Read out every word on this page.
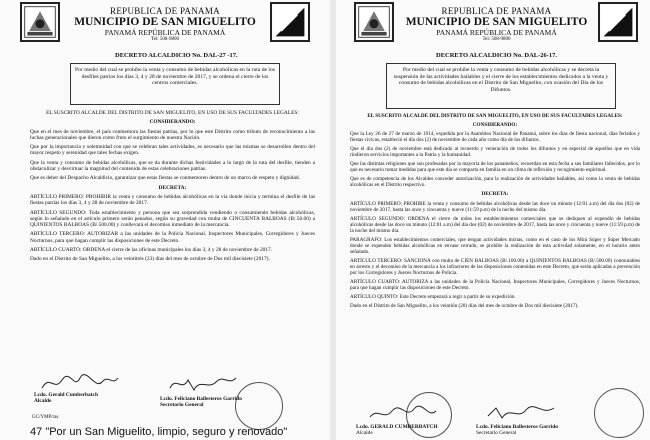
REPUBLICA DE PANAMA
MUNICIPIO DE SAN MIGUELITO
PANAMÁ REPÚBLICA DE PANAMÁ
Tel: 508-9800
DECRETO ALCALDICIO No. DAL-27 -17.
Por medio del cual se prohíbe la venta y consumo de bebidas alcohólicas en la ruta de los desfiles patrios los días 3, 4 y 28 de noviembre de 2017, y se ordena el cierre de los centros comerciales.

EL SUSCRITO ALCALDE DEL DISTRITO DE SAN MIGUELITO, EN USO DE SUS FACULTADES LEGALES:

CONSIDERANDO:

Que en el mes de noviembre, el país conmemora las fiestas patrias, por lo que este Distrito como tributo de reconocimiento a las luchas generacionales que dieron como fruto el surgimiento de nuestra Nación.

Que por la importancia y solemnidad con que se celebran tales actividades, es necesario que las mismas se desarrollen dentro del mayor respeto y serenidad que tales fechas exigen.

Que la venta y consumo de bebidas alcohólicas, que se da durante dichas festividades a lo largo de la ruta del desfile, tienden a obstaculizar y desvirtuar la magnitud del contenido de estas celebraciones patrias.

Que es deber del Despacho Alcaldicio, garantizar que estas fiestas se conmemoren dentro de un marco de respeto y dignidad.

DECRETA:

ARTÍCULO PRIMERO: PROHIBIR la venta y consumo de bebidas alcohólicas en la vía donde inicia y termina el desfile de las fiestas patrias los días 3, 4 y 28 de noviembre de 2017.

ARTÍCULO SEGUNDO: Toda establecimiento y persona que sea sorprendida vendiendo o consumiendo bebidas alcohólicas, según lo señalado en el artículo primero serán penados, según su gravedad con multa de CINCUENTA BALBOAS (B/.50.00) a QUINIENTOS BALBOAS (B/.500.00) y conllevará el decomiso inmediato de la mercancía.

ARTÍCULO TERCERO: AUTORIZAR a las unidades de la Policía Nacional, Inspectores Municipales, Corregidores y Jueces Nocturnos, para que hagan cumplir las disposiciones de este Decreto.

ARTÍCULO CUARTO: ORDENA el cierre de las oficinas municipales los días 3, 4 y 28 de noviembre de 2017.

Dado en el Distrito de San Miguelito, a los veintitrés (23) días del mes de octubre de Dos mil diecisiete (2017).

Lcdo. Gerald Cumberbatch
Alcalde	Lcdo. Feliciano Ballesteros Garrido
Secretario General
GC/YMP/ras
REPUBLICA DE PANAMA
MUNICIPIO DE SAN MIGUELITO
PANAMÁ REPÚBLICA DE PANAMÁ
Tel: 508-9800
DECRETO ALCALDICIO No. DAL-26-17.
Por medio del cual se prohíbe la venta y consumo de bebidas alcohólicas y se decreta la suspensión de las actividades bailables y el cierre de los establecimientos dedicados a la venta y consumo de bebidas alcohólicas en el Distrito de San Miguelito, con ocasión del Día de los Difuntos.

EL SUSCRITO ALCALDE DEL DISTRITO DE SAN MIGUELITO, EN USO DE SUS FACULTADES LEGALES:

CONSIDERANDO:

Que la Ley 26 de 27 de marzo de 1914, expedida por la Asamblea Nacional de Panamá, sobre los días de fiesta nacional, días feriados y fiestas cívicas, estableció el día dos (2) de noviembre de cada año como día de los difuntos.

Que el día dos (2) de noviembre está dedicado al recuerdo y veneración de todos los difuntos y en especial de aquellos que en vida rindieron servicios importantes a la Patria y la humanidad.

Que las distintas religiones que son profesadas por la mayoría de los panameños, recuerdan en esta fecha a sus familiares fallecidos, por lo que es necesario tomar medidas para que este día se comparta en familia en un clima de reflexión y recogimiento espiritual.

Que es de competencia de los Alcaldes conceder autorización, para la realización de actividades bailables, así como la venta de bebidas alcohólicas en el Distrito respectivo.

DECRETA:

ARTÍCULO PRIMERO: PROHIBE la venta y consumo de bebidas alcohólicas desde las doce un minuto (12:01 a.m) del día dos (02) de noviembre de 2017, hasta las once y cincuenta y nueve (11:59 p.m) de la noche del mismo día.

ARTÍCULO SEGUNDO: ORDENA el cierre de todos los establecimientos comerciales que se dediquen al expendio de bebidas alcohólicas desde las doce un minuto (12:01 a.m) del día dos (02) de noviembre de 2017, hasta las once y cincuenta y nueve (11:59 p.m) de la noche del mismo día.

PARAGRAFO: Los establecimientos comerciales, que tengan actividades mixtas, como en el caso de los Mini Súper y Súper Mercado donde se expenden bebidas alcohólicas en envase cerrado, se prohíbe la realización de esta actividad solamente, en el horario antes señalado.

ARTÍCULO TERCERO: SANCIONA con multa de CIEN BALBOAS (B/.100.00) a QUINIENTOS BALBOAS (B/.500.00) conmutables en arresto y el decomiso de la mercancía a los infractores de las disposiciones contenidas en este Decreto, que serán aplicadas a prevención por los Corregidores y Jueces Nocturnos de Policía.

ARTÍCULO CUARTO: AUTORIZA a las unidades de la Policía Nacional, Inspectores Municipales, Corregidores y Jueces Nocturnos, para que hagan cumplir las disposiciones de este Decreto.

ARTÍCULO QUINTO: Este Decreto empezará a regir a partir de su expedición.

Dado en el Distrito de San Miguelito, a los veintiún (20) días del mes de octubre de Dos mil diecisiete (2017).

Lcdo. GERALD CUMBERBATCH
Alcalde
Lcdo. Feliciano Ballesteros Garrido
Secretario General
47 "Por un San Miguelito, limpio, seguro y renovado"
